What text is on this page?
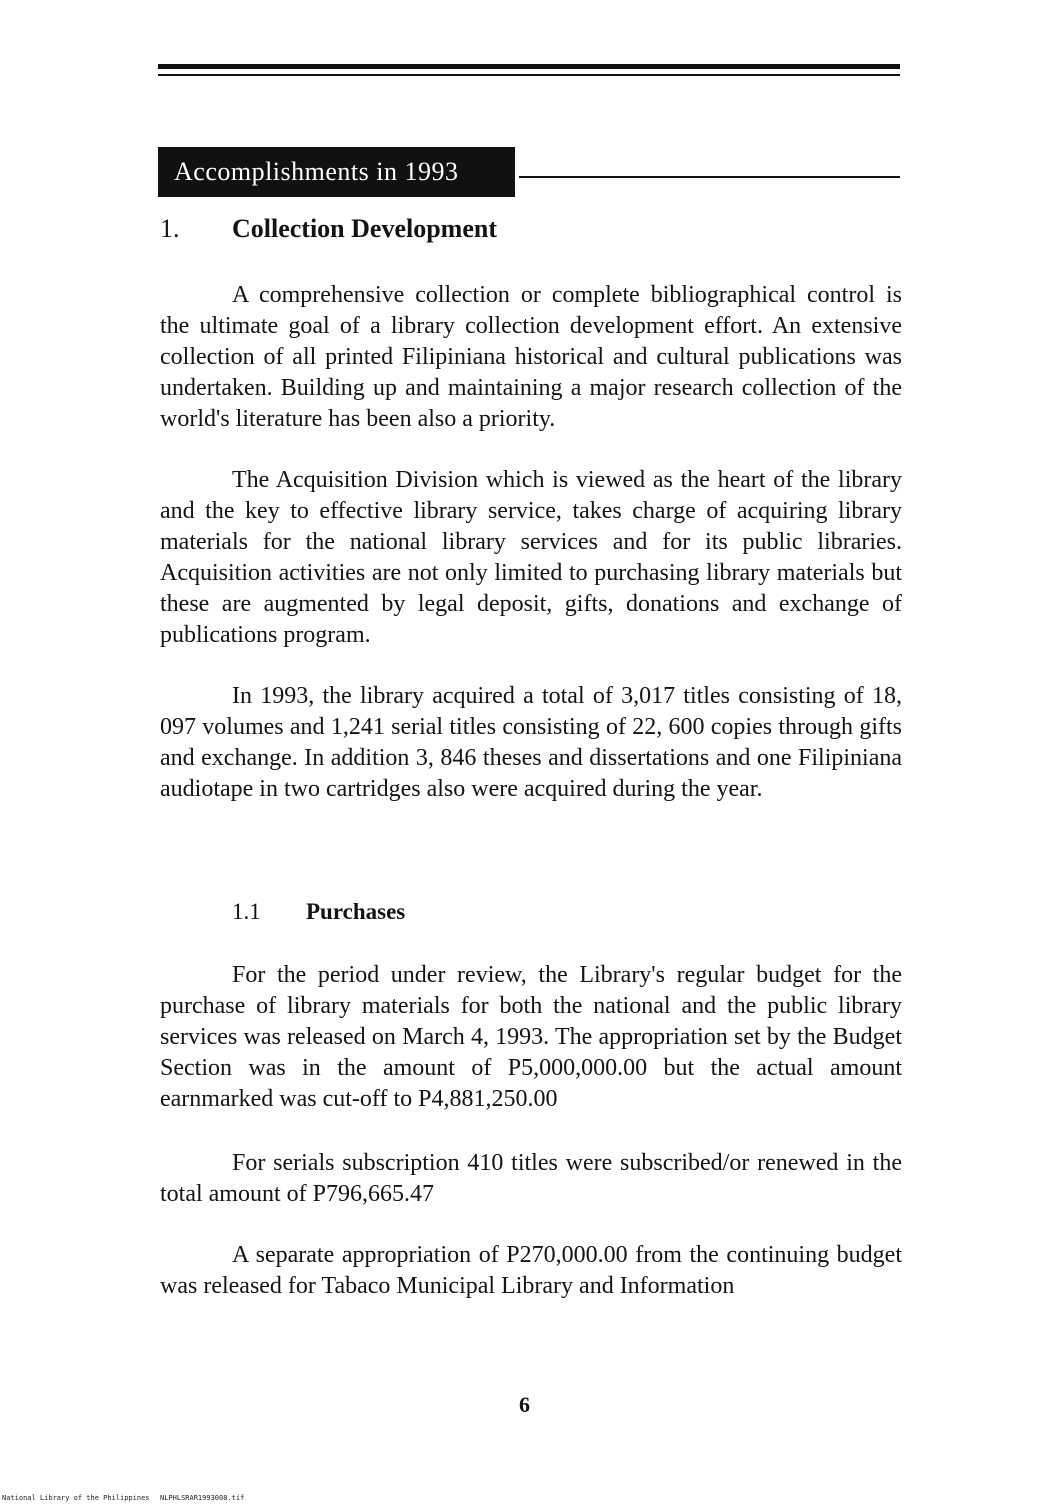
Accomplishments in 1993
1. Collection Development

A comprehensive collection or complete bibliographical control is the ultimate goal of a library collection development effort. An extensive collection of all printed Filipiniana historical and cultural publications was undertaken. Building up and maintaining a major research collection of the world's literature has been also a priority.

The Acquisition Division which is viewed as the heart of the library and the key to effective library service, takes charge of acquiring library materials for the national library services and for its public libraries. Acquisition activities are not only limited to purchasing library materials but these are augmented by legal deposit, gifts, donations and exchange of publications program.

In 1993, the library acquired a total of 3,017 titles consisting of 18, 097 volumes and 1,241 serial titles consisting of 22, 600 copies through gifts and exchange. In addition 3, 846 theses and dissertations and one Filipiniana audiotape in two cartridges also were acquired during the year.

1.1 Purchases

For the period under review, the Library's regular budget for the purchase of library materials for both the national and the public library services was released on March 4, 1993. The appropriation set by the Budget Section was in the amount of P5,000,000.00 but the actual amount earnmarked was cut-off to P4,881,250.00

For serials subscription 410 titles were subscribed/or renewed in the total amount of P796,665.47

A separate appropriation of P270,000.00 from the continuing budget was released for Tabaco Municipal Library and Information

6
National Library of the Philippines NLPHLSRAR1993008.tif
